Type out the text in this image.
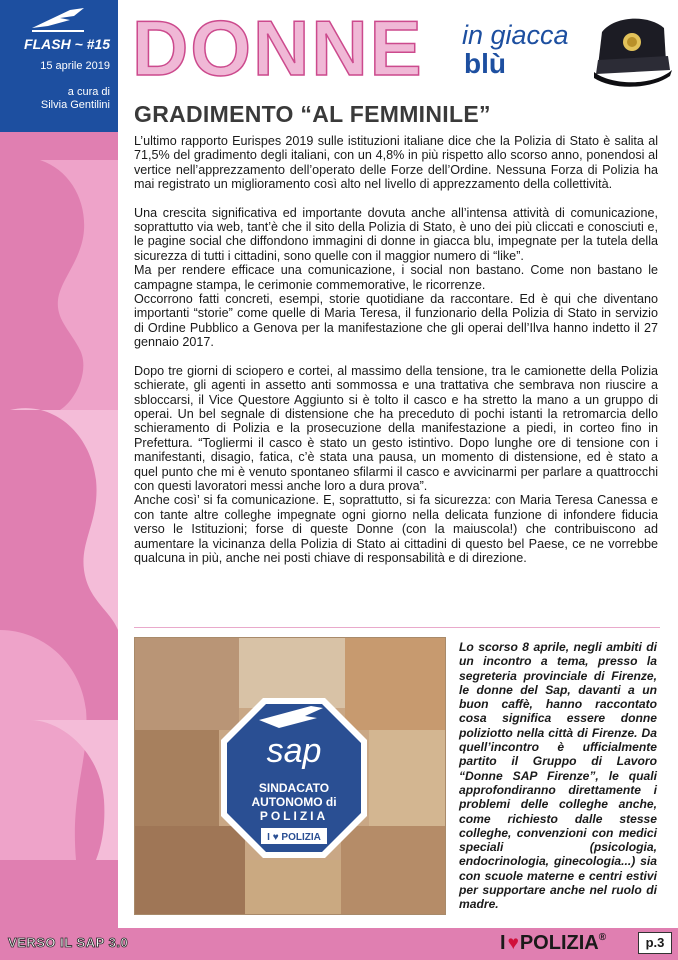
FLASH ~ #15
15 aprile 2019
a cura di
Silvia Gentilini
DONNE in giacca
blù
GRADIMENTO “AL FEMMINILE”

L’ultimo rapporto Eurispes 2019 sulle istituzioni italiane dice che la Polizia di Stato è salita al 71,5% del gradimento degli italiani, con un 4,8% in più rispetto allo scorso anno, ponendosi al vertice nell’apprezzamento dell’operato delle Forze dell’Ordine. Nessuna Forza di Polizia ha mai registrato un miglioramento così alto nel livello di apprezzamento della collettività.

Una crescita significativa ed importante dovuta anche all’intensa attività di comunicazione, soprattutto via web, tant’è che il sito della Polizia di Stato, è uno dei più cliccati e conosciuti e, le pagine social che diffondono immagini di donne in giacca blu, impegnate per la tutela della sicurezza di tutti i cittadini, sono quelle con il maggior numero di “like”.

Ma per rendere efficace una comunicazione, i social non bastano. Come non bastano le campagne stampa, le cerimonie commemorative, le ricorrenze.

Occorrono fatti concreti, esempi, storie quotidiane da raccontare. Ed è qui che diventano importanti “storie” come quelle di Maria Teresa, il funzionario della Polizia di Stato in servizio di Ordine Pubblico a Genova per la manifestazione che gli operai dell’Ilva hanno indetto il 27 gennaio 2017.

Dopo tre giorni di sciopero e cortei, al massimo della tensione, tra le camionette della Polizia schierate, gli agenti in assetto anti sommossa e una trattativa che sembrava non riuscire a sbloccarsi, il Vice Questore Aggiunto si è tolto il casco e ha stretto la mano a un gruppo di operai. Un bel segnale di distensione che ha preceduto di pochi istanti la retromarcia dello schieramento di Polizia e la prosecuzione della manifestazione a piedi, in corteo fino in Prefettura. “Togliermi il casco è stato un gesto istintivo. Dopo lunghe ore di tensione con i manifestanti, disagio, fatica, c’è stata una pausa, un momento di distensione, ed è stato a quel punto che mi è venuto spontaneo sfilarmi il casco e avvicinarmi per parlare a quattrocchi con questi lavoratori messi anche loro a dura prova”.

Anche così’ si fa comunicazione. E, soprattutto, si fa sicurezza: con Maria Teresa Canessa e con tante altre colleghe impegnate ogni giorno nella delicata funzione di infondere fiducia verso le Istituzioni; forse di queste Donne (con la maiuscola!) che contribuiscono ad aumentare la vicinanza della Polizia di Stato ai cittadini di questo bel Paese, ce ne vorrebbe qualcuna in più, anche nei posti chiave di responsabilità e di direzione.

sap
SINDACATO
AUTONOMO di
POLIZIA
I ♥ POLIZIA
Lo scorso 8 aprile, negli ambiti di un incontro a tema, presso la segreteria provinciale di Firenze, le donne del Sap, davanti a un buon caffè, hanno raccontato cosa significa essere donne poliziotto nella città di Firenze. Da quell’incontro è ufficialmente partito il Gruppo di Lavoro “Donne SAP Firenze”, le quali approfondiranno direttamente i problemi delle colleghe anche, come richiesto dalle stesse colleghe, convenzioni con medici speciali (psicologia, endocrinologia, ginecologia...) sia con scuole materne e centri estivi per supportare anche nel ruolo di madre.
VERSO IL SAP 3.0	I ♥POLIZIA®	p.3
